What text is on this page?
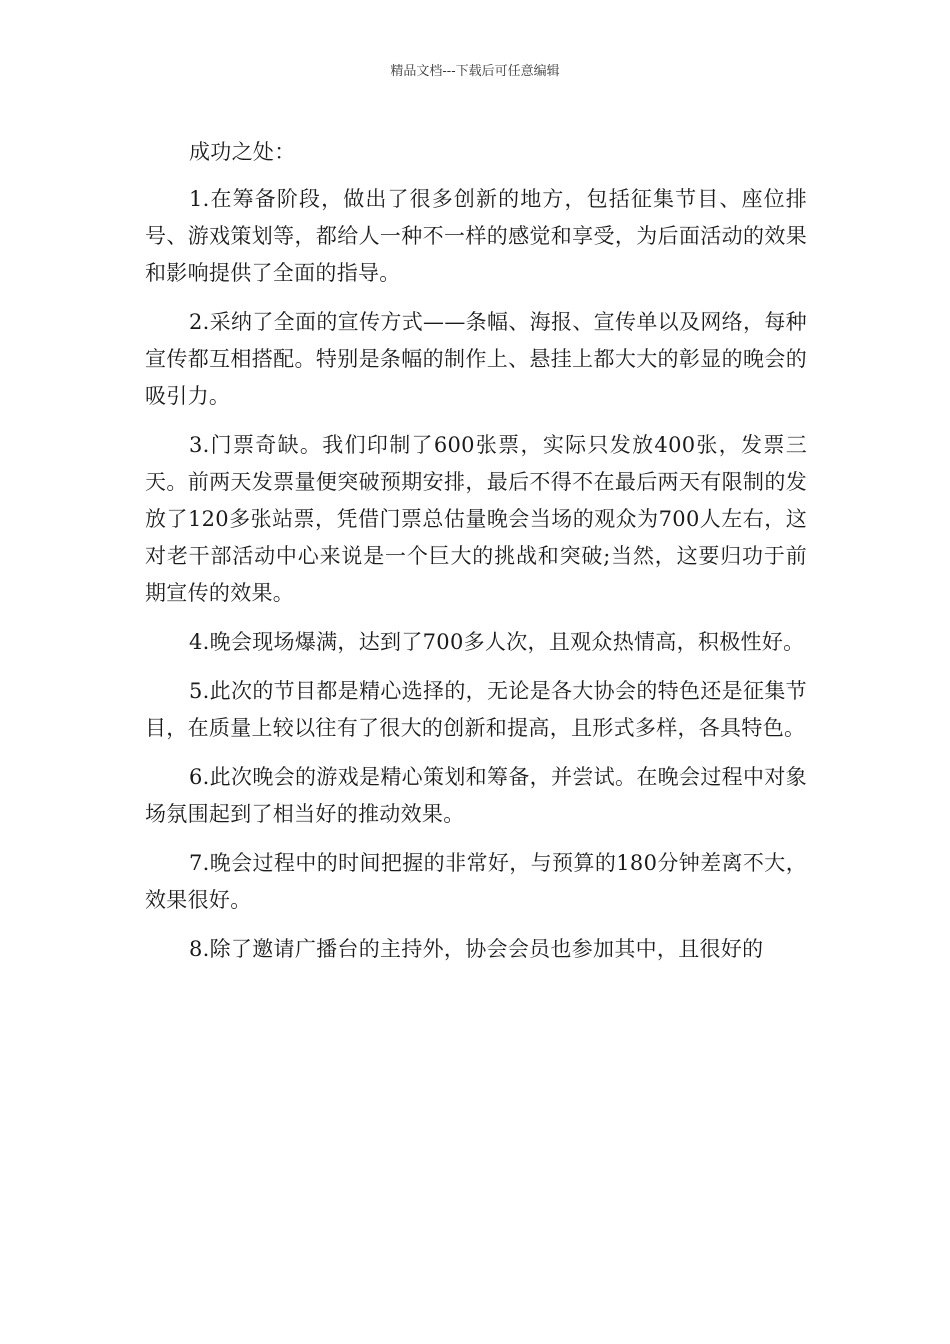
精品文档---下载后可任意编辑

成功之处：

1.在筹备阶段，做出了很多创新的地方，包括征集节目、座位排号、游戏策划等，都给人一种不一样的感觉和享受，为后面活动的效果和影响提供了全面的指导。

2.采纳了全面的宣传方式——条幅、海报、宣传单以及网络，每种宣传都互相搭配。特别是条幅的制作上、悬挂上都大大的彰显的晚会的吸引力。

3.门票奇缺。我们印制了600张票，实际只发放400张，发票三天。前两天发票量便突破预期安排，最后不得不在最后两天有限制的发放了120多张站票，凭借门票总估量晚会当场的观众为700人左右，这对老干部活动中心来说是一个巨大的挑战和突破;当然，这要归功于前期宣传的效果。

4.晚会现场爆满，达到了700多人次，且观众热情高，积极性好。

5.此次的节目都是精心选择的，无论是各大协会的特色还是征集节目，在质量上较以往有了很大的创新和提高，且形式多样，各具特色。

6.此次晚会的游戏是精心策划和筹备，并尝试。在晚会过程中对象场氛围起到了相当好的推动效果。

7.晚会过程中的时间把握的非常好，与预算的180分钟差离不大，效果很好。

8.除了邀请广播台的主持外，协会会员也参加其中，且很好的
